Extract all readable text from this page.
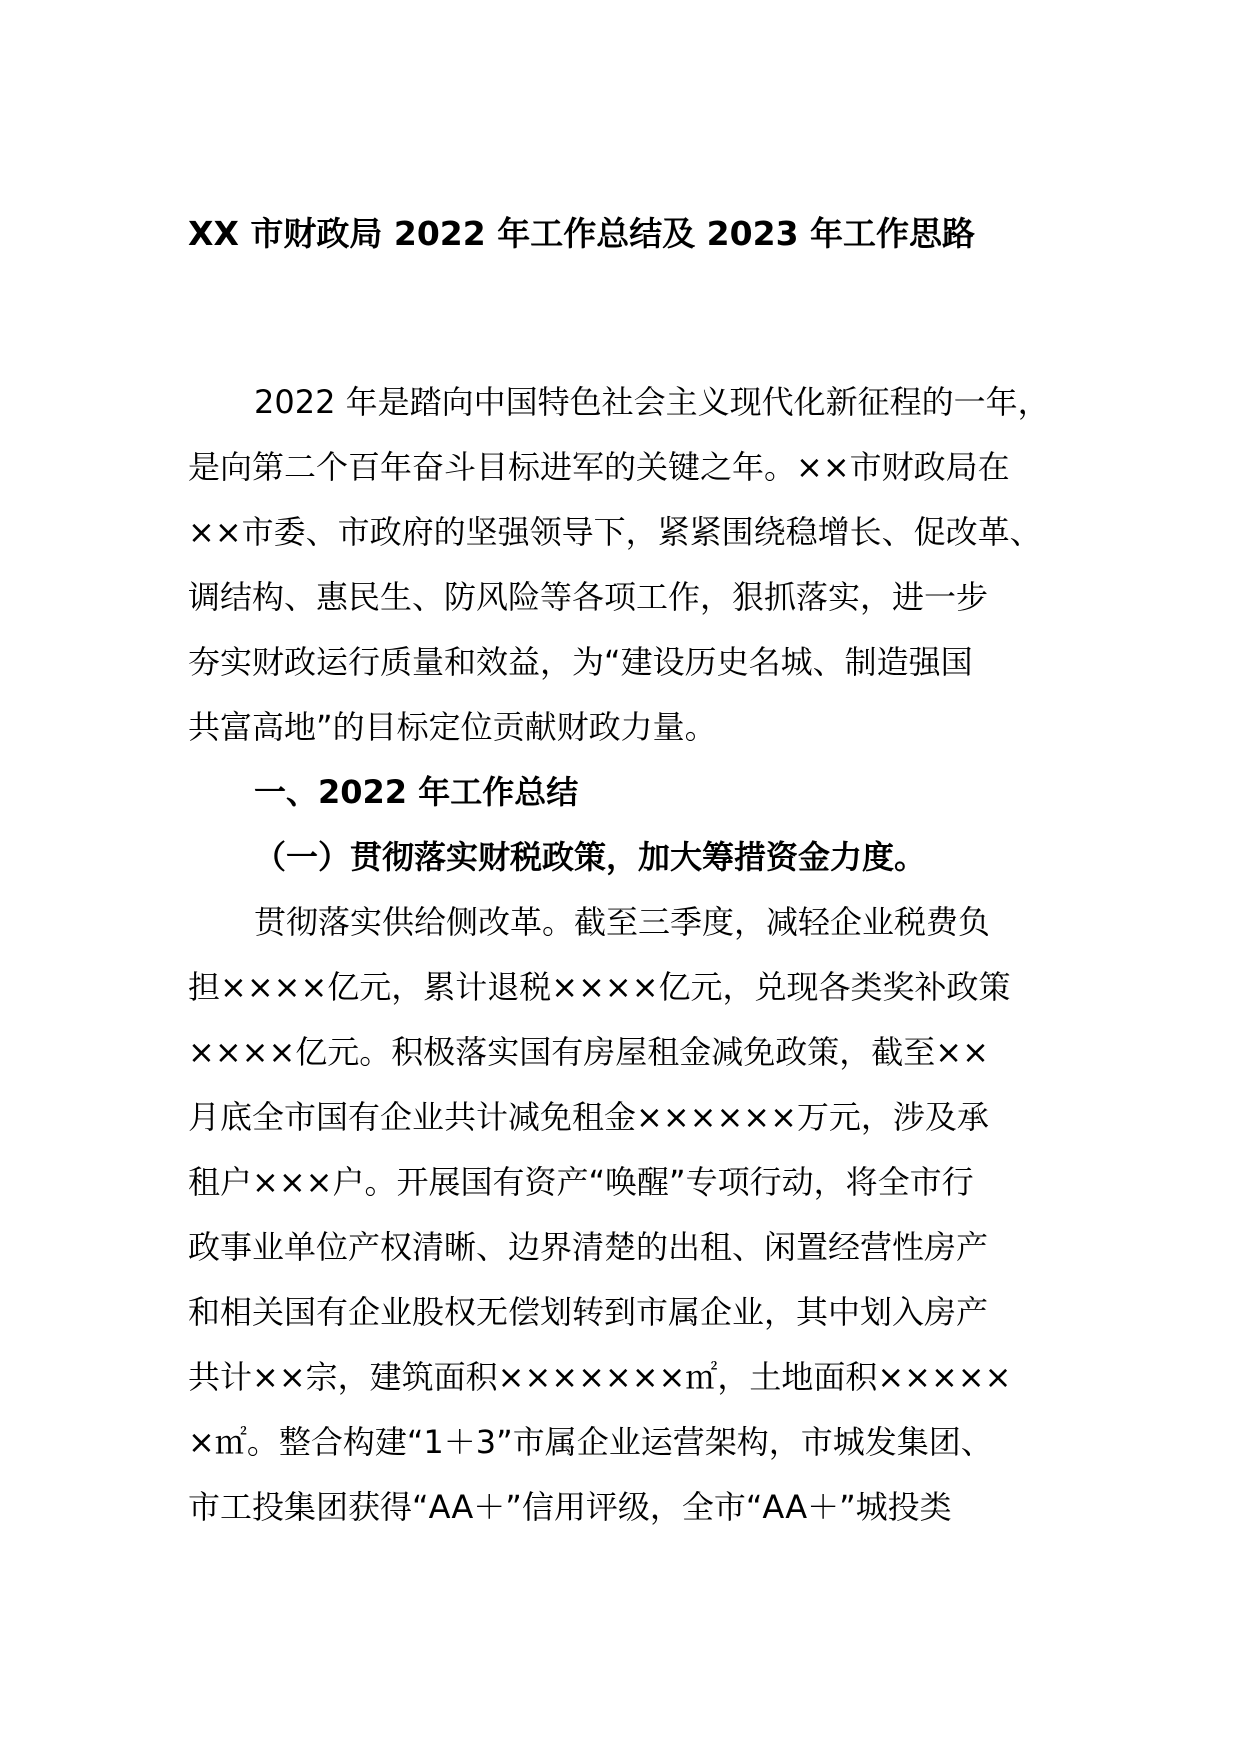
XX 市财政局 2022 年工作总结及 2023 年工作思路
2022 年是踏向中国特色社会主义现代化新征程的一年，
是向第二个百年奋斗目标进军的关键之年。××市财政局在
××市委、市政府的坚强领导下，紧紧围绕稳增长、促改革、
调结构、惠民生、防风险等各项工作，狠抓落实，进一步
夯实财政运行质量和效益，为“建设历史名城、制造强国
共富高地”的目标定位贡献财政力量。
一、2022 年工作总结
（一）贯彻落实财税政策，加大筹措资金力度。
贯彻落实供给侧改革。截至三季度，减轻企业税费负
担××××亿元，累计退税××××亿元，兑现各类奖补政策
××××亿元。积极落实国有房屋租金减免政策，截至××
月底全市国有企业共计减免租金××××××万元，涉及承
租户×××户。开展国有资产“唤醒”专项行动，将全市行
政事业单位产权清晰、边界清楚的出租、闲置经营性房产
和相关国有企业股权无偿划转到市属企业，其中划入房产
共计××宗，建筑面积×××××××㎡，土地面积×××××
×㎡。整合构建“1＋3”市属企业运营架构，市城发集团、
市工投集团获得“AA＋”信用评级，全市“AA＋”城投类
